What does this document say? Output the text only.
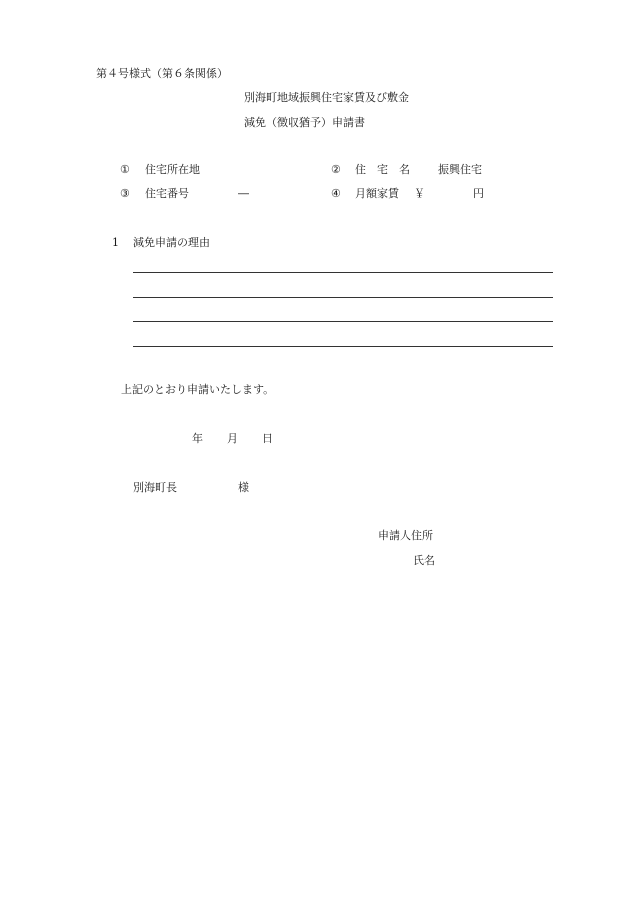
第４号様式（第６条関係）
別海町地域振興住宅家賃及び敷金
減免（徴収猶予）申請書
① 住宅所在地	② 住　宅　名	振興住宅
③ 住宅番号	―	④ 月額家賃 ￥	円
1 減免申請の理由
上記のとおり申請いたします。
年 月 日
別海町長	様
申請人住所
氏名
